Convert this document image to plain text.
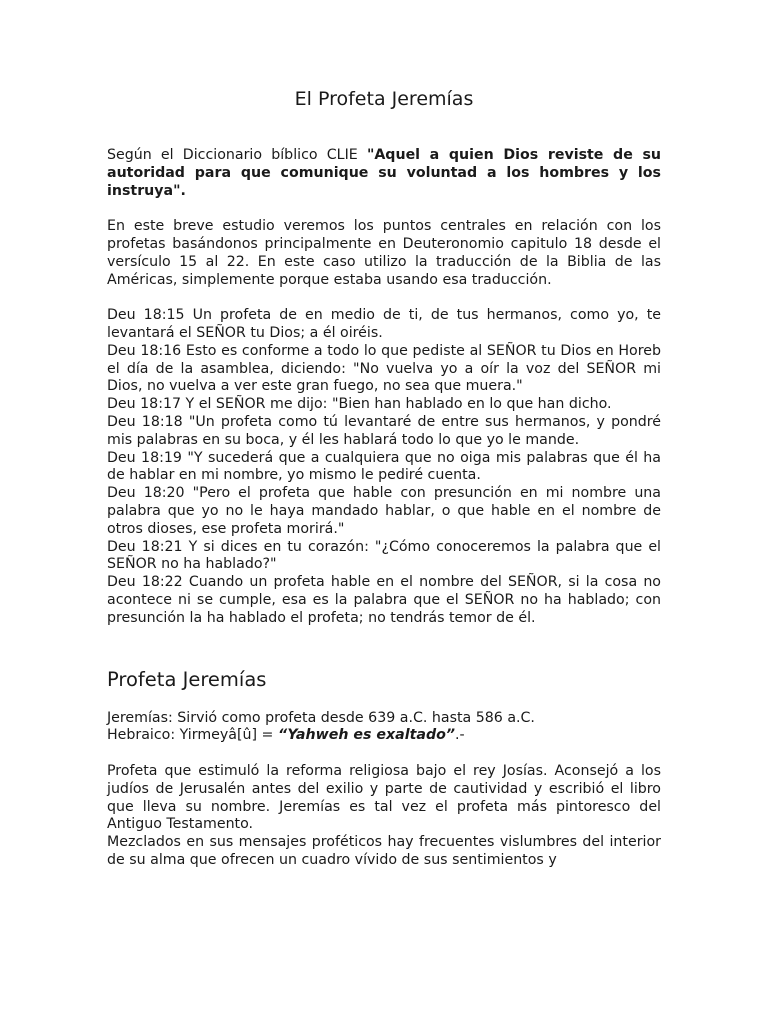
El Profeta Jeremías

Según el Diccionario bíblico CLIE "Aquel a quien Dios reviste de su autoridad para que comunique su voluntad a los hombres y los instruya".

En este breve estudio veremos los puntos centrales en relación con los profetas basándonos principalmente en Deuteronomio capitulo 18 desde el versículo 15 al 22. En este caso utilizo la traducción de la Biblia de las Américas, simplemente porque estaba usando esa traducción.

Deu 18:15 Un profeta de en medio de ti, de tus hermanos, como yo, te levantará el SEÑOR tu Dios; a él oiréis.

Deu 18:16 Esto es conforme a todo lo que pediste al SEÑOR tu Dios en Horeb el día de la asamblea, diciendo: "No vuelva yo a oír la voz del SEÑOR mi Dios, no vuelva a ver este gran fuego, no sea que muera."

Deu 18:17 Y el SEÑOR me dijo: "Bien han hablado en lo que han dicho.

Deu 18:18 "Un profeta como tú levantaré de entre sus hermanos, y pondré mis palabras en su boca, y él les hablará todo lo que yo le mande.

Deu 18:19 "Y sucederá que a cualquiera que no oiga mis palabras que él ha de hablar en mi nombre, yo mismo le pediré cuenta.

Deu 18:20 "Pero el profeta que hable con presunción en mi nombre una palabra que yo no le haya mandado hablar, o que hable en el nombre de otros dioses, ese profeta morirá."

Deu 18:21 Y si dices en tu corazón: "¿Cómo conoceremos la palabra que el SEÑOR no ha hablado?"

Deu 18:22 Cuando un profeta hable en el nombre del SEÑOR, si la cosa no acontece ni se cumple, esa es la palabra que el SEÑOR no ha hablado; con presunción la ha hablado el profeta; no tendrás temor de él.

Profeta Jeremías

Jeremías: Sirvió como profeta desde 639 a.C. hasta 586 a.C.

Hebraico: Yirmeyâ[û] = “Yahweh es exaltado”.-

Profeta que estimuló la reforma religiosa bajo el rey Josías. Aconsejó a los judíos de Jerusalén antes del exilio y parte de cautividad y escribió el libro que lleva su nombre. Jeremías es tal vez el profeta más pintoresco del Antiguo Testamento.

Mezclados en sus mensajes proféticos hay frecuentes vislumbres del interior de su alma que ofrecen un cuadro vívido de sus sentimientos y
